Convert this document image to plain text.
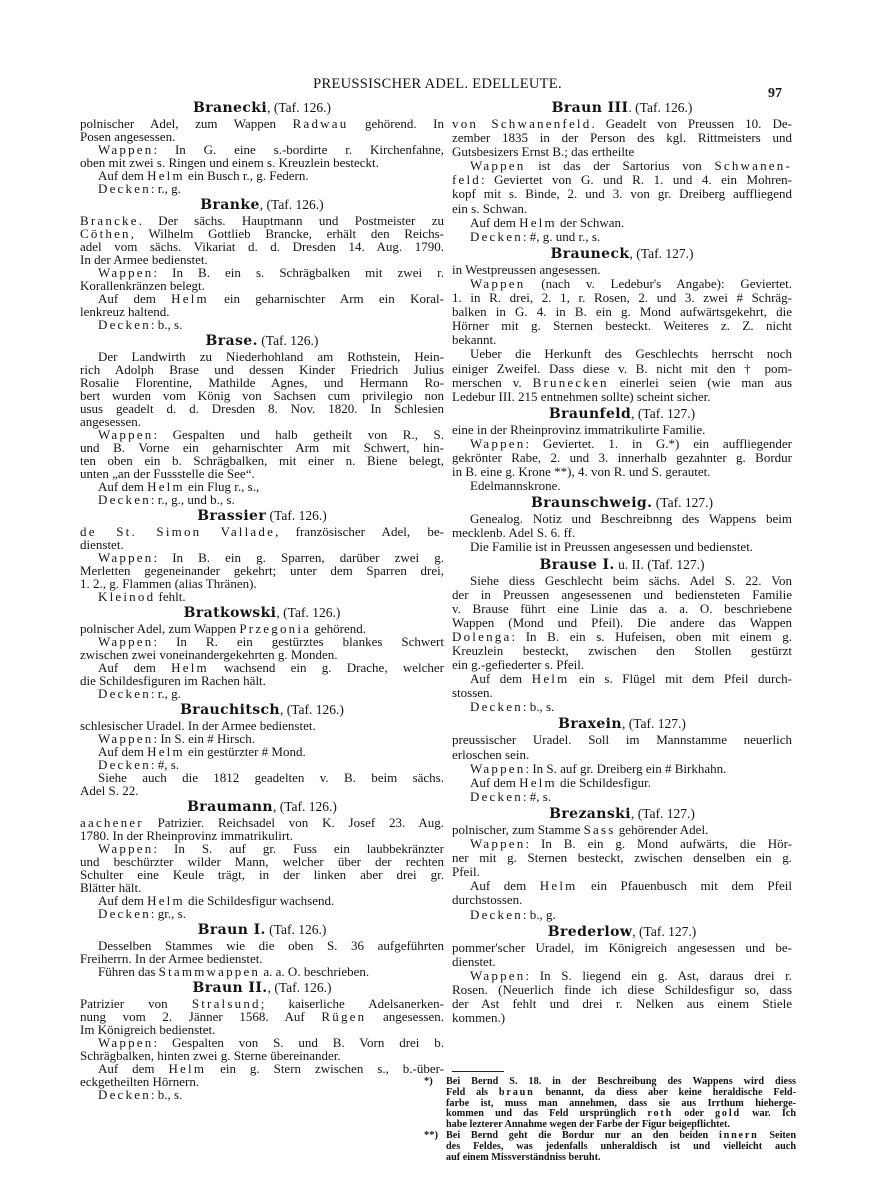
PREUSSISCHER ADEL. EDELLEUTE.
97
Branecki, (Taf. 126.)
polnischer Adel, zum Wappen Radwau gehörend. In
Posen angesessen.
Wappen: In G. eine s.-bordirte r. Kirchenfahne,
oben mit zwei s. Ringen und einem s. Kreuzlein besteckt.
Auf dem Helm ein Busch r., g. Federn.
Decken: r., g.
Branke, (Taf. 126.)
Brancke. Der sächs. Hauptmann und Postmeister zu
Cöthen, Wilhelm Gottlieb Brancke, erhält den Reichs-
adel vom sächs. Vikariat d. d. Dresden 14. Aug. 1790.
In der Armee bedienstet.
Wappen: In B. ein s. Schrägbalken mit zwei r.
Korallenkränzen belegt.
Auf dem Helm ein geharnischter Arm ein Koral-
lenkreuz haltend.
Decken: b., s.
Brase. (Taf. 126.)
Der Landwirth zu Niederhohland am Rothstein, Hein-
rich Adolph Brase und dessen Kinder Friedrich Julius
Rosalie Florentine, Mathilde Agnes, und Hermann Ro-
bert wurden vom König von Sachsen cum privilegio non
usus geadelt d. d. Dresden 8. Nov. 1820. In Schlesien
angesessen.
Wappen: Gespalten und halb getheilt von R., S.
und B. Vorne ein geharnischter Arm mit Schwert, hin-
ten oben ein b. Schrägbalken, mit einer n. Biene belegt,
unten „an der Fussstelle die See“.
Auf dem Helm ein Flug r., s.,
Decken: r., g., und b., s.
Brassier (Taf. 126.)
de St. Simon Vallade, französischer Adel, be-
dienstet.
Wappen: In B. ein g. Sparren, darüber zwei g.
Merletten gegeneinander gekehrt; unter dem Sparren drei,
1. 2., g. Flammen (alias Thränen).
Kleinod fehlt.
Bratkowski, (Taf. 126.)
polnischer Adel, zum Wappen Przegonia gehörend.
Wappen: In R. ein gestürztes blankes Schwert
zwischen zwei voneinandergekehrten g. Monden.
Auf dem Helm wachsend ein g. Drache, welcher
die Schildesfiguren im Rachen hält.
Decken: r., g.
Brauchitsch, (Taf. 126.)
schlesischer Uradel. In der Armee bedienstet.
Wappen: In S. ein # Hirsch.
Auf dem Helm ein gestürzter # Mond.
Decken: #, s.
Siehe auch die 1812 geadelten v. B. beim sächs.
Adel S. 22.
Braumann, (Taf. 126.)
aachener Patrizier. Reichsadel von K. Josef 23. Aug.
1780. In der Rheinprovinz immatrikulirt.
Wappen: In S. auf gr. Fuss ein laubbekränzter
und beschürzter wilder Mann, welcher über der rechten
Schulter eine Keule trägt, in der linken aber drei gr.
Blätter hält.
Auf dem Helm die Schildesfigur wachsend.
Decken: gr., s.
Braun I. (Taf. 126.)
Desselben Stammes wie die oben S. 36 aufgeführten
Freiherrn. In der Armee bedienstet.
Führen das Stammwappen a. a. O. beschrieben.
Braun II., (Taf. 126.)
Patrizier von Stralsund; kaiserliche Adelsanerken-
nung vom 2. Jänner 1568. Auf Rügen angesessen.
Im Königreich bedienstet.
Wappen: Gespalten von S. und B. Vorn drei b.
Schrägbalken, hinten zwei g. Sterne übereinander.
Auf dem Helm ein g. Stern zwischen s., b.-über-
eckgetheilten Hörnern.
Decken: b., s.
Braun III. (Taf. 126.)
von Schwanenfeld. Geadelt von Preussen 10. De-
zember 1835 in der Person des kgl. Rittmeisters und
Gutsbesizers Ernst B.; das ertheilte
Wappen ist das der Sartorius von Schwanen-
feld: Geviertet von G. und R. 1. und 4. ein Mohren-
kopf mit s. Binde, 2. und 3. von gr. Dreiberg auffliegend
ein s. Schwan.
Auf dem Helm der Schwan.
Decken: #, g. und r., s.
Brauneck, (Taf. 127.)
in Westpreussen angesessen.
Wappen (nach v. Ledebur's Angabe): Geviertet.
1. in R. drei, 2. 1, r. Rosen, 2. und 3. zwei # Schräg-
balken in G. 4. in B. ein g. Mond aufwärtsgekehrt, die
Hörner mit g. Sternen besteckt. Weiteres z. Z. nicht
bekannt.
Ueber die Herkunft des Geschlechts herrscht noch
einiger Zweifel. Dass diese v. B. nicht mit den † pom-
merschen v. Brunecken einerlei seien (wie man aus
Ledebur III. 215 entnehmen sollte) scheint sicher.
Braunfeld, (Taf. 127.)
eine in der Rheinprovinz immatrikulirte Familie.
Wappen: Geviertet. 1. in G.*) ein auffliegender
gekrönter Rabe, 2. und 3. innerhalb gezahnter g. Bordur
in B. eine g. Krone **), 4. von R. und S. gerautet.
Edelmannskrone.
Braunschweig. (Taf. 127.)
Genealog. Notiz und Beschreibnng des Wappens beim
mecklenb. Adel S. 6. ff.
Die Familie ist in Preussen angesessen und bedienstet.
Brause I. u. II. (Taf. 127.)
Siehe diess Geschlecht beim sächs. Adel S. 22. Von
der in Preussen angesessenen und bediensteten Familie
v. Brause führt eine Linie das a. a. O. beschriebene
Wappen (Mond und Pfeil). Die andere das Wappen
Dolenga: In B. ein s. Hufeisen, oben mit einem g.
Kreuzlein besteckt, zwischen den Stollen gestürzt
ein g.-gefiederter s. Pfeil.
Auf dem Helm ein s. Flügel mit dem Pfeil durch-
stossen.
Decken: b., s.
Braxein, (Taf. 127.)
preussischer Uradel. Soll im Mannstamme neuerlich
erloschen sein.
Wappen: In S. auf gr. Dreiberg ein # Birkhahn.
Auf dem Helm die Schildesfigur.
Decken: #, s.
Brezanski, (Taf. 127.)
polnischer, zum Stamme Sass gehörender Adel.
Wappen: In B. ein g. Mond aufwärts, die Hör-
ner mit g. Sternen besteckt, zwischen denselben ein g.
Pfeil.
Auf dem Helm ein Pfauenbusch mit dem Pfeil
durchstossen.
Decken: b., g.
Brederlow, (Taf. 127.)
pommer'scher Uradel, im Königreich angesessen und be-
dienstet.
Wappen: In S. liegend ein g. Ast, daraus drei r.
Rosen. (Neuerlich finde ich diese Schildesfigur so, dass
der Ast fehlt und drei r. Nelken aus einem Stiele
kommen.)
*) Bei Bernd S. 18. in der Beschreibung des Wappens wird diess
Feld als braun benannt, da diess aber keine heraldische Feld-
farbe ist, muss man annehmen, dass sie aus Irrthum hieherge-
kommen und das Feld ursprünglich roth oder gold war. Ich
habe lezterer Annahme wegen der Farbe der Figur beigepflichtet.
**) Bei Bernd geht die Bordur nur an den beiden innern Seiten
des Feldes, was jedenfalls unheraldisch ist und vielleicht auch
auf einem Missverständniss beruht.
